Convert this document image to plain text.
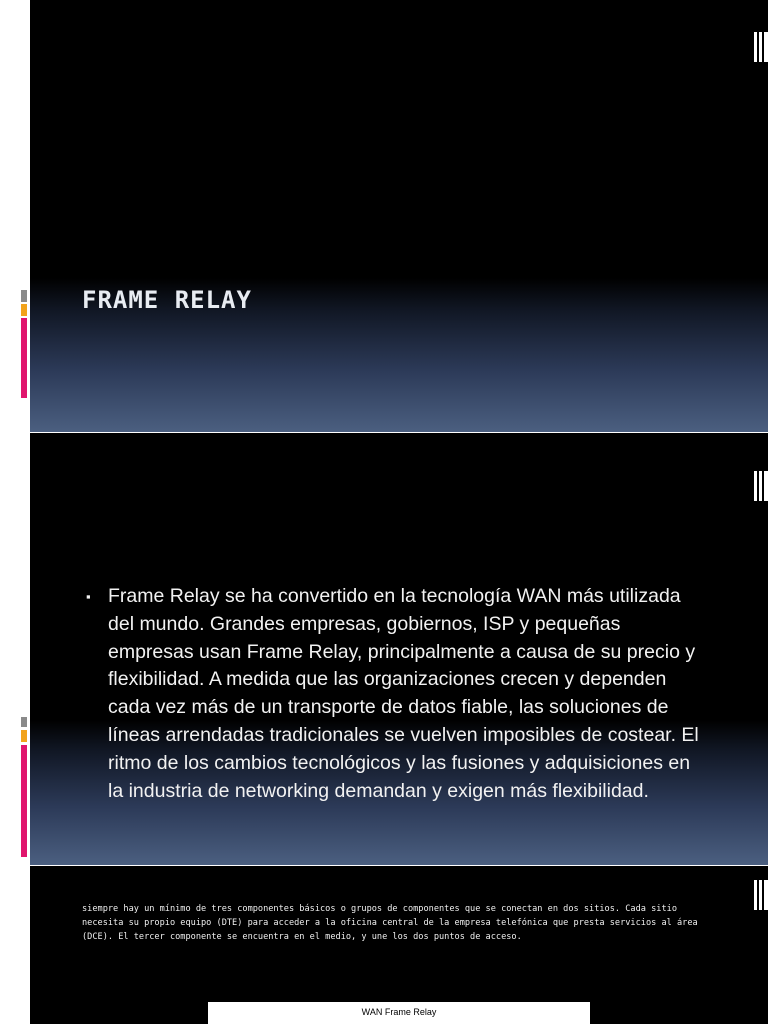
FRAME RELAY
▪ Frame Relay se ha convertido en la tecnología WAN más utilizada del mundo. Grandes empresas, gobiernos, ISP y pequeñas empresas usan Frame Relay, principalmente a causa de su precio y flexibilidad. A medida que las organizaciones crecen y dependen cada vez más de un transporte de datos fiable, las soluciones de líneas arrendadas tradicionales se vuelven imposibles de costear. El ritmo de los cambios tecnológicos y las fusiones y adquisiciones en la industria de networking demandan y exigen más flexibilidad.
siempre hay un mínimo de tres componentes básicos o grupos de componentes que se conectan en dos sitios. Cada sitio necesita su propio equipo (DTE) para acceder a la oficina central de la empresa telefónica que presta servicios al área (DCE). El tercer componente se encuentra en el medio, y une los dos puntos de acceso.
WAN Frame Relay
